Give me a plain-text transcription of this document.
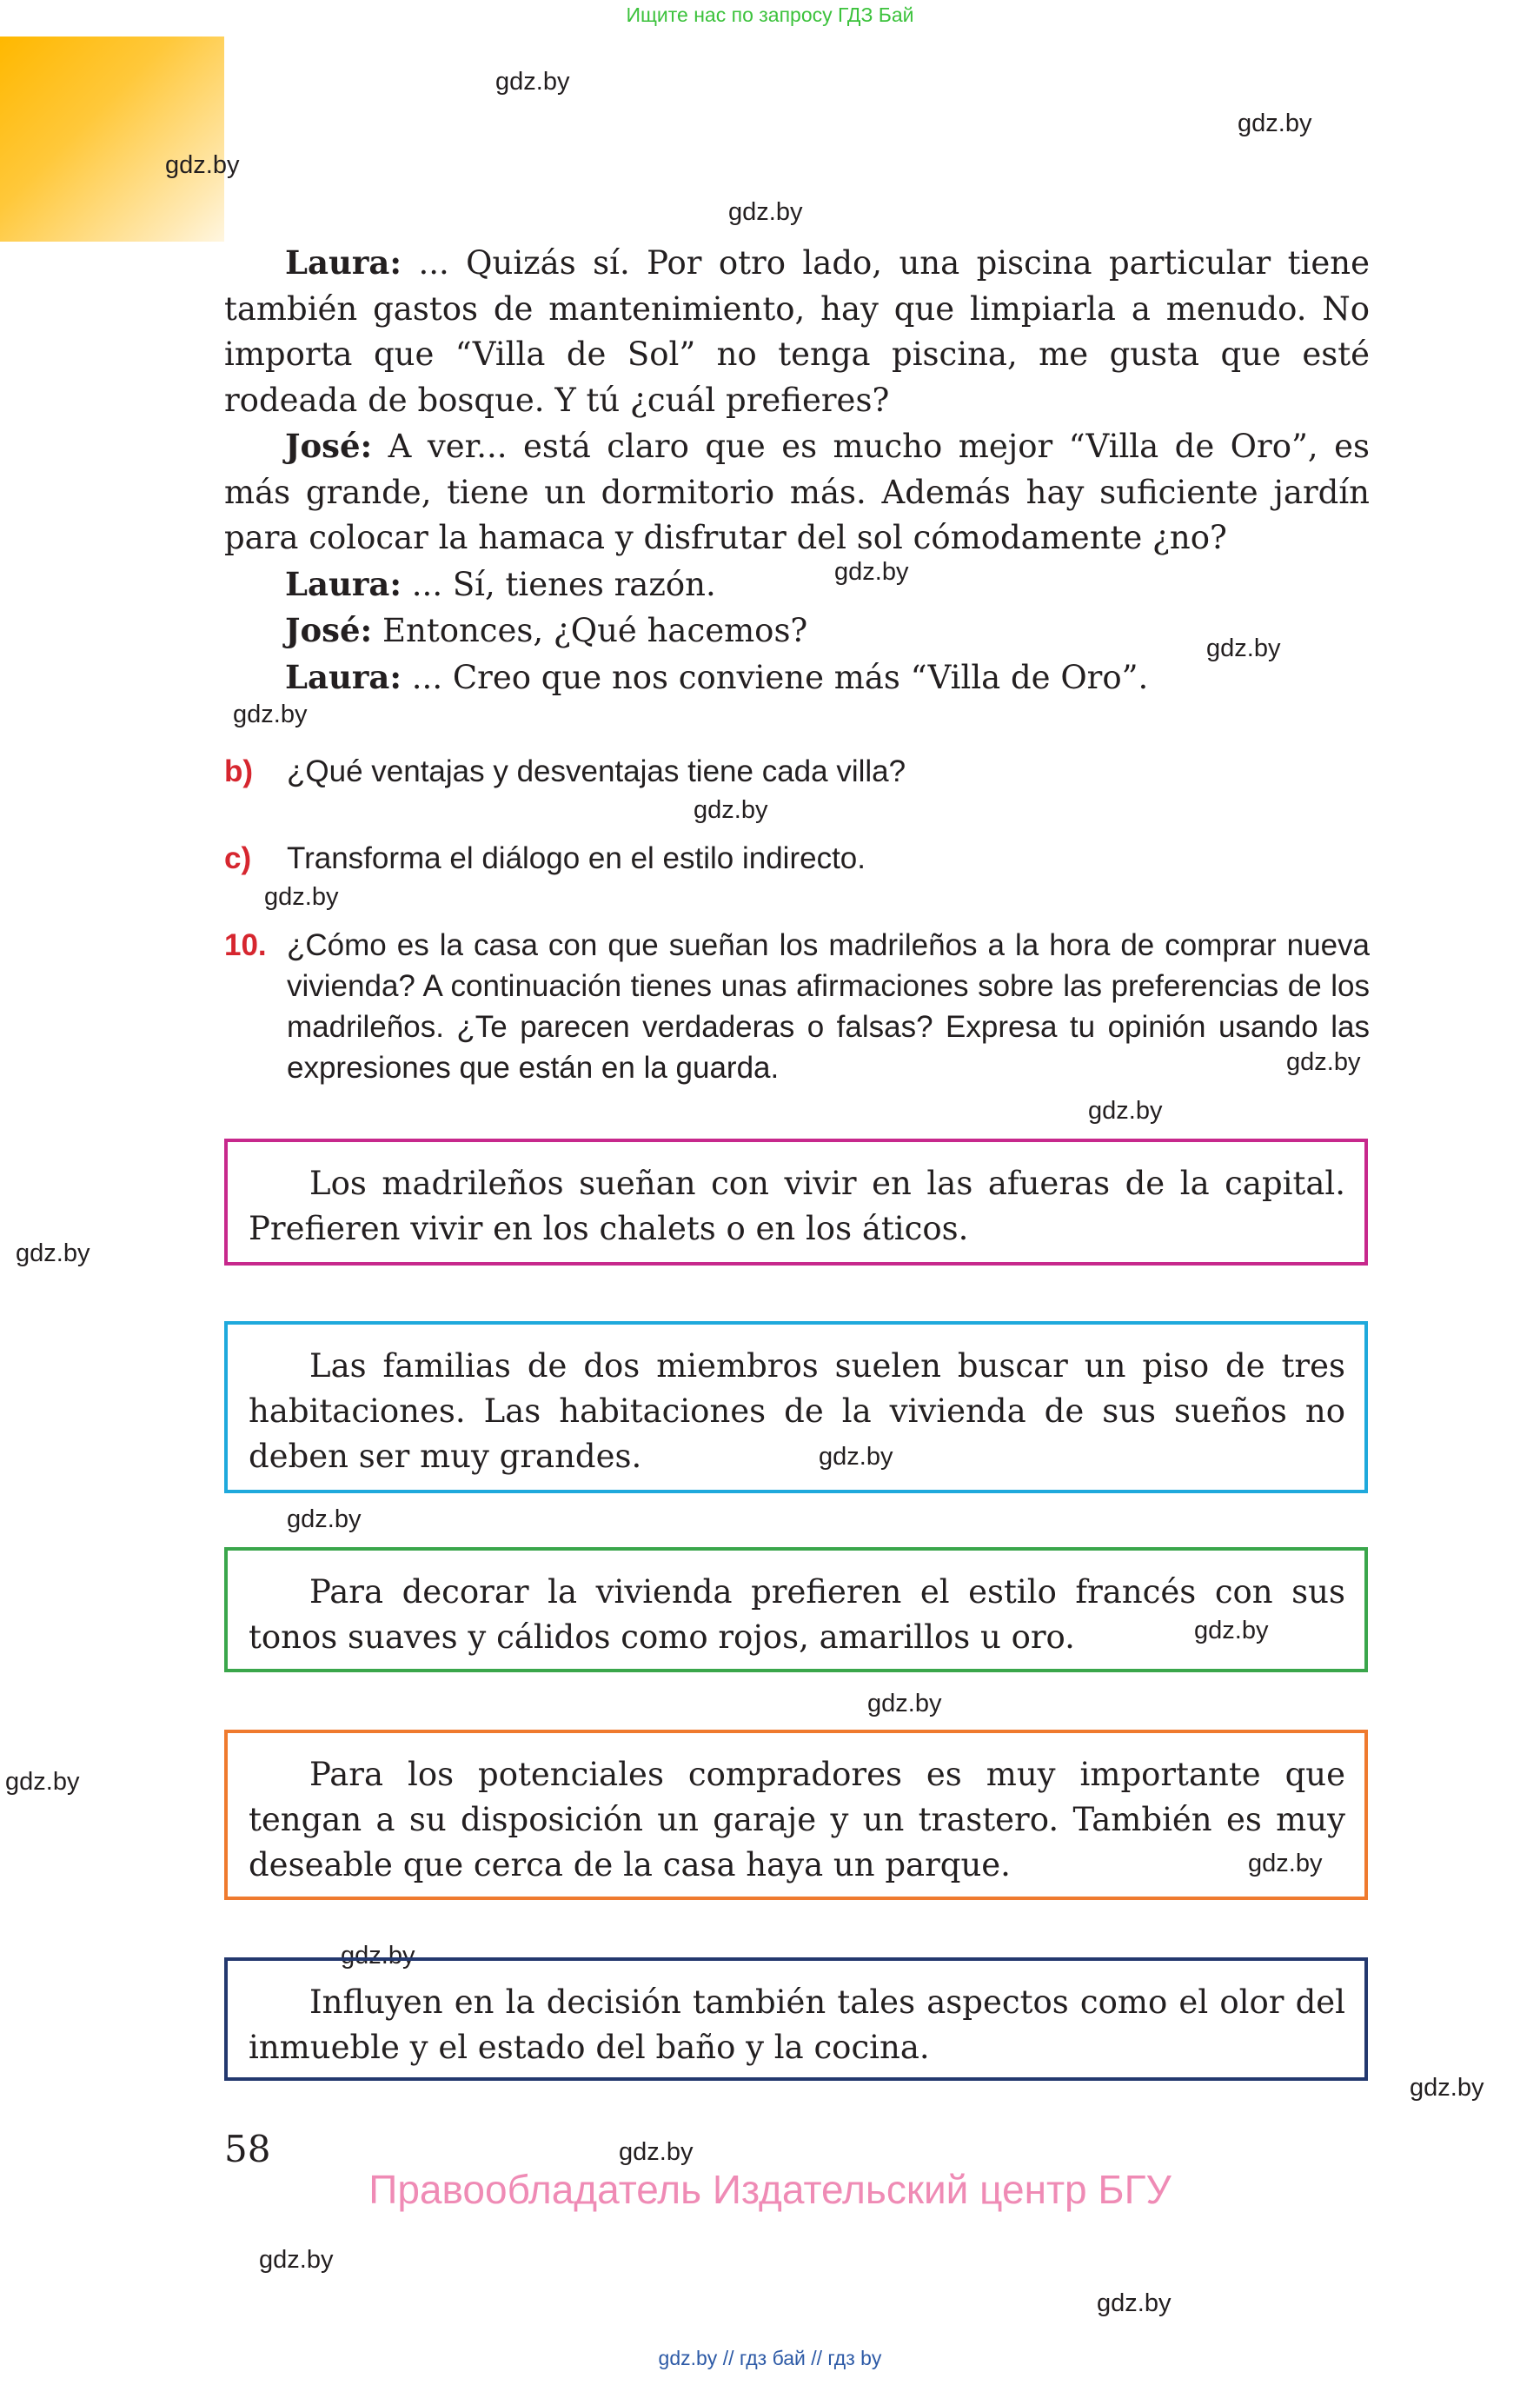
Ищите нас по запросу ГДЗ Бай
gdz.by
gdz.by
gdz.by
gdz.by
gdz.by
gdz.by
gdz.by
gdz.by
gdz.by
gdz.by
gdz.by
gdz.by
gdz.by
gdz.by
gdz.by
gdz.by
gdz.by
gdz.by
gdz.by
gdz.by
gdz.by
gdz.by
gdz.by

Laura: ... Quizás sí. Por otro lado, una piscina particular tiene también gastos de mantenimiento, hay que limpiarla a menudo. No importa que “Villa de Sol” no tenga piscina, me gusta que esté rodeada de bosque. Y tú ¿cuál prefieres?

José: A ver... está claro que es mucho mejor “Villa de Oro”, es más grande, tiene un dormitorio más. Además hay suficiente jardín para colocar la hamaca y disfrutar del sol cómodamente ¿no?

Laura: ... Sí, tienes razón.

José: Entonces, ¿Qué hacemos?

Laura: ... Creo que nos conviene más “Villa de Oro”.

b) ¿Qué ventajas y desventajas tiene cada villa?
c) Transforma el diálogo en el estilo indirecto.
10. ¿Cómo es la casa con que sueñan los madrileños a la hora de comprar nueva vivienda? A continuación tienes unas afirmaciones sobre las preferencias de los madrileños. ¿Te parecen verdaderas o falsas? Expresa tu opinión usando las expresiones que están en la guarda.

Los madrileños sueñan con vivir en las afueras de la capital. Prefieren vivir en los chalets o en los áticos.

Las familias de dos miembros suelen buscar un piso de tres habitaciones. Las habitaciones de la vivienda de sus sueños no deben ser muy grandes.

Para decorar la vivienda prefieren el estilo francés con sus tonos suaves y cálidos como rojos, amarillos u oro.

Para los potenciales compradores es muy importante que tengan a su disposición un garaje y un trastero. También es muy deseable que cerca de la casa haya un parque.

Influyen en la decisión también tales aspectos como el olor del inmueble y el estado del baño y la cocina.

58
Правообладатель Издательский центр БГУ
gdz.by // гдз бай // гдз by
